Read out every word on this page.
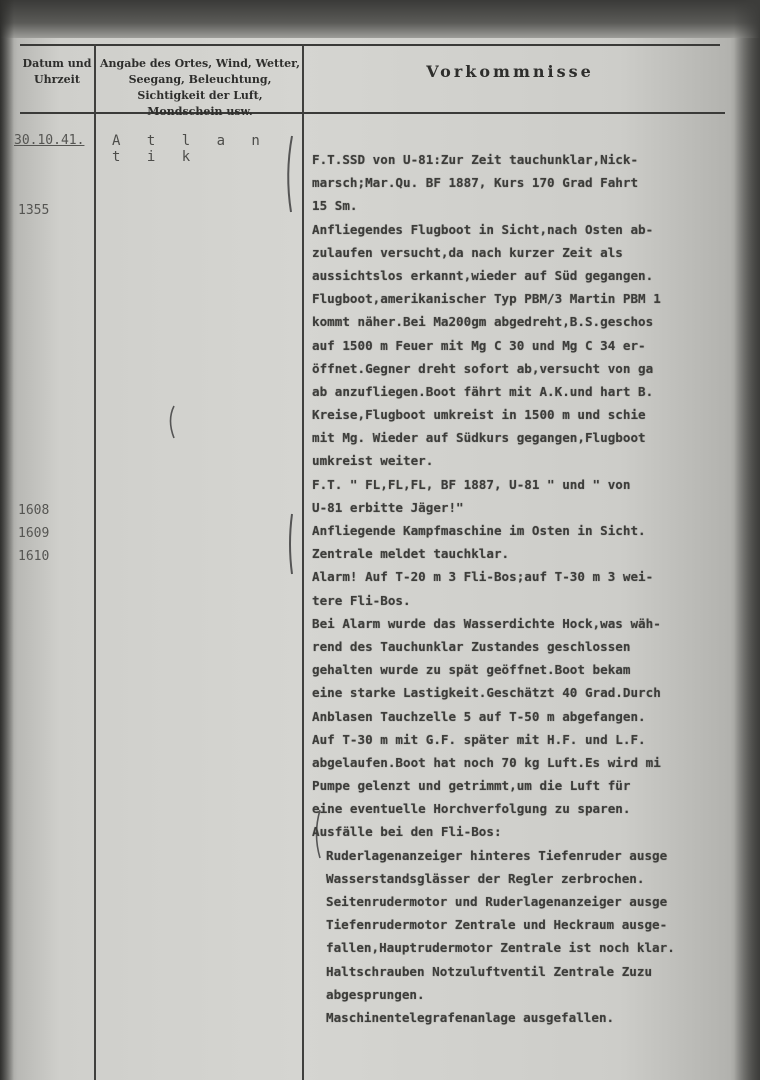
Datum und Uhrzeit
Angabe des Ortes, Wind, Wetter, Seegang, Beleuchtung, Sichtigkeit der Luft, Mondschein usw.
Vorkommnisse
30.10.41.
1355
1608
1609
1610
A t l a n t i k	F.T.SSD von U-81:Zur Zeit tauchunklar,Nick-
marsch;Mar.Qu. BF 1887, Kurs 170 Grad Fahrt
15 Sm.
Anfliegendes Flugboot in Sicht,nach Osten ab-
zulaufen versucht,da nach kurzer Zeit als
aussichtslos erkannt,wieder auf Süd gegangen.
Flugboot,amerikanischer Typ PBM/3 Martin PBM 1
kommt näher.Bei Ma200gm abgedreht,B.S.geschos
auf 1500 m Feuer mit Mg C 30 und Mg C 34 er-
öffnet.Gegner dreht sofort ab,versucht von ga
ab anzufliegen.Boot fährt mit A.K.und hart B.
Kreise,Flugboot umkreist in 1500 m und schie
mit Mg. Wieder auf Südkurs gegangen,Flugboot
umkreist weiter.
F.T. " FL,FL,FL, BF 1887, U-81 " und " von
U-81 erbitte Jäger!"
Anfliegende Kampfmaschine im Osten in Sicht.
Zentrale meldet tauchklar.
Alarm! Auf T-20 m 3 Fli-Bos;auf T-30 m 3 wei-
tere Fli-Bos.
Bei Alarm wurde das Wasserdichte Hock,was wäh-
rend des Tauchunklar Zustandes geschlossen
gehalten wurde zu spät geöffnet.Boot bekam
eine starke Lastigkeit.Geschätzt 40 Grad.Durch
Anblasen Tauchzelle 5 auf T-50 m abgefangen.
Auf T-30 m mit G.F. später mit H.F. und L.F.
abgelaufen.Boot hat noch 70 kg Luft.Es wird mi
Pumpe gelenzt und getrimmt,um die Luft für
eine eventuelle Horchverfolgung zu sparen.
Ausfälle bei den Fli-Bos:
Ruderlagenanzeiger hinteres Tiefenruder ausge
Wasserstandsglässer der Regler zerbrochen.
Seitenrudermotor und Ruderlagenanzeiger ausge
Tiefenrudermotor Zentrale und Heckraum ausge-
fallen,Hauptrudermotor Zentrale ist noch klar.
Haltschrauben Notzuluftventil Zentrale Zuzu
abgesprungen.
Maschinentelegrafenanlage ausgefallen.
